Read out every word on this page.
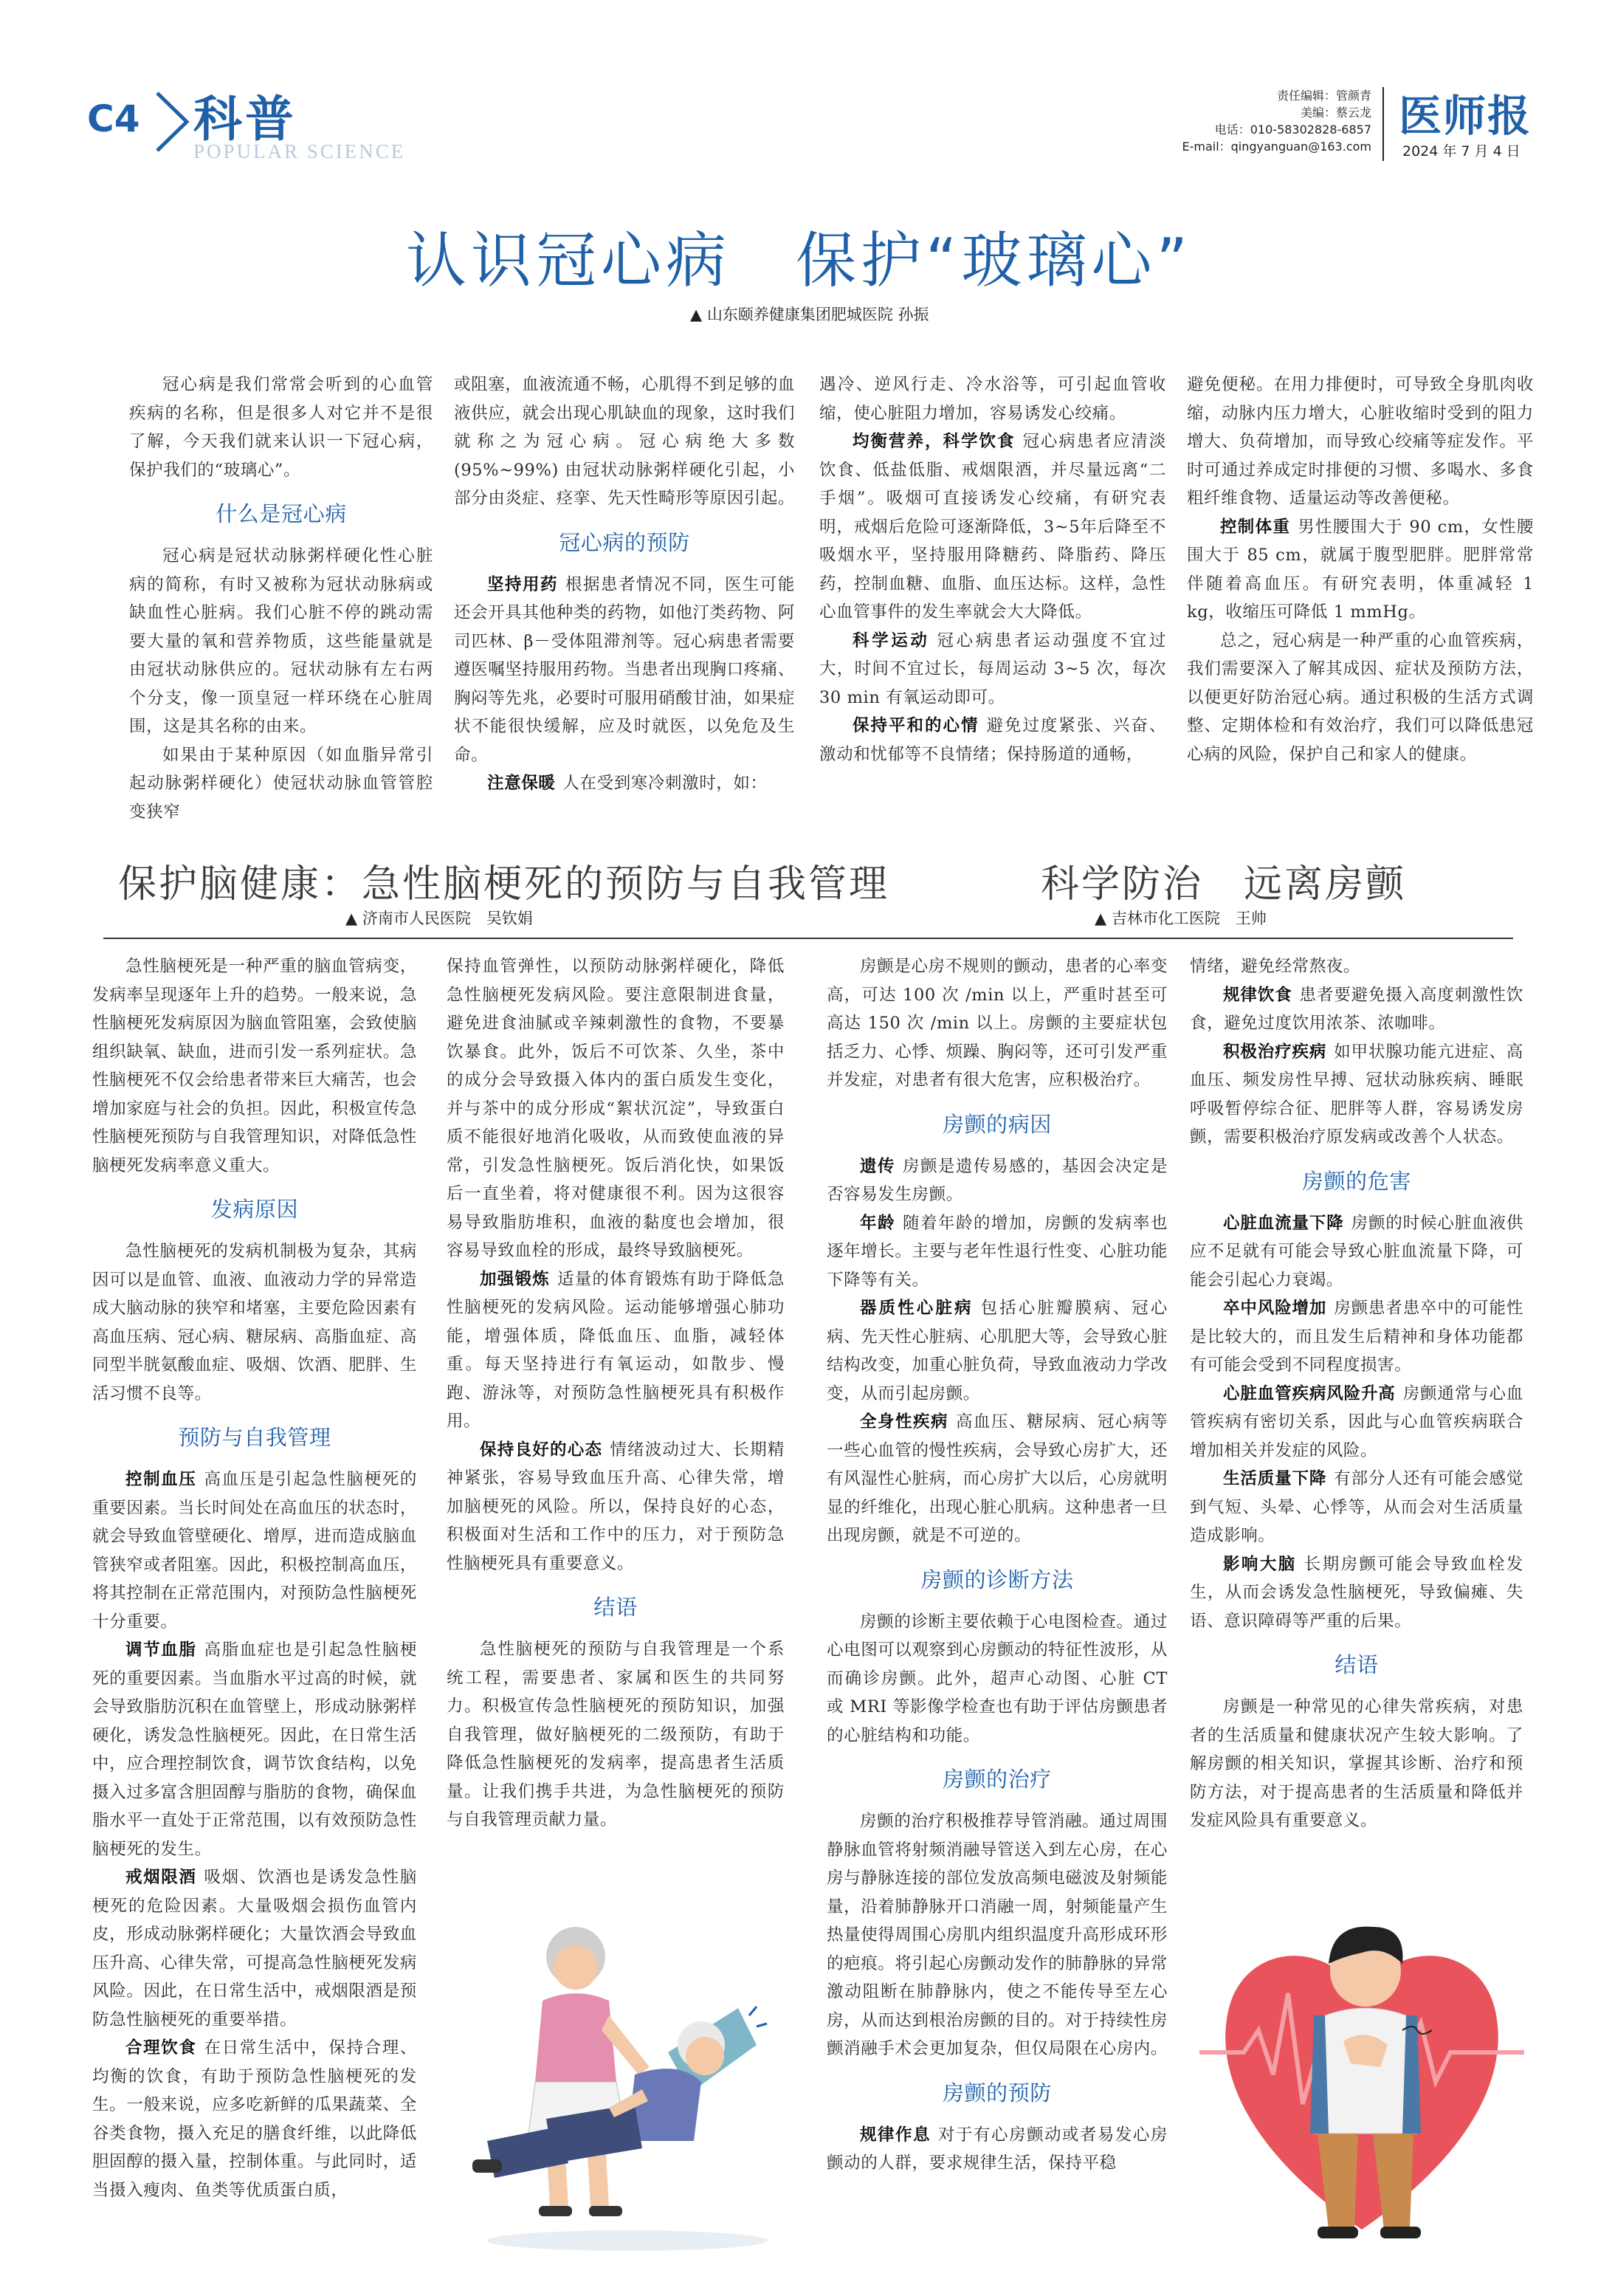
C4 科普
POPULAR SCIENCE
责任编辑：管颜青
美编：蔡云龙
电话：010-58302828-6857
E-mail：qingyanguan@163.com
医师报
2024 年 7 月 4 日
认识冠心病　保护“玻璃心”
▲ 山东颐养健康集团肥城医院 孙振

冠心病是我们常常会听到的心血管疾病的名称，但是很多人对它并不是很了解，今天我们就来认识一下冠心病，保护我们的“玻璃心”。

什么是冠心病

冠心病是冠状动脉粥样硬化性心脏病的简称，有时又被称为冠状动脉病或缺血性心脏病。我们心脏不停的跳动需要大量的氧和营养物质，这些能量就是由冠状动脉供应的。冠状动脉有左右两个分支，像一顶皇冠一样环绕在心脏周围，这是其名称的由来。

如果由于某种原因（如血脂异常引起动脉粥样硬化）使冠状动脉血管管腔变狭窄

或阻塞，血液流通不畅，心肌得不到足够的血液供应，就会出现心肌缺血的现象，这时我们就称之为冠心病。冠心病绝大多数(95%~99%) 由冠状动脉粥样硬化引起，小部分由炎症、痉挛、先天性畸形等原因引起。

冠心病的预防

坚持用药 根据患者情况不同，医生可能还会开具其他种类的药物，如他汀类药物、阿司匹林、β－受体阻滞剂等。冠心病患者需要遵医嘱坚持服用药物。当患者出现胸口疼痛、胸闷等先兆，必要时可服用硝酸甘油，如果症状不能很快缓解，应及时就医，以免危及生命。

注意保暖 人在受到寒冷刺激时，如：

遇冷、逆风行走、冷水浴等，可引起血管收缩，使心脏阻力增加，容易诱发心绞痛。

均衡营养，科学饮食 冠心病患者应清淡饮食、低盐低脂、戒烟限酒，并尽量远离“二手烟”。吸烟可直接诱发心绞痛，有研究表明，戒烟后危险可逐渐降低，3~5年后降至不吸烟水平，坚持服用降糖药、降脂药、降压药，控制血糖、血脂、血压达标。这样，急性心血管事件的发生率就会大大降低。

科学运动 冠心病患者运动强度不宜过大，时间不宜过长，每周运动 3~5 次，每次 30 min 有氧运动即可。

保持平和的心情 避免过度紧张、兴奋、激动和忧郁等不良情绪；保持肠道的通畅，

避免便秘。在用力排便时，可导致全身肌肉收缩，动脉内压力增大，心脏收缩时受到的阻力增大、负荷增加，而导致心绞痛等症发作。平时可通过养成定时排便的习惯、多喝水、多食粗纤维食物、适量运动等改善便秘。

控制体重 男性腰围大于 90 cm，女性腰围大于 85 cm，就属于腹型肥胖。肥胖常常伴随着高血压。有研究表明，体重减轻 1 kg，收缩压可降低 1 mmHg。

总之，冠心病是一种严重的心血管疾病，我们需要深入了解其成因、症状及预防方法，以便更好防治冠心病。通过积极的生活方式调整、定期体检和有效治疗，我们可以降低患冠心病的风险，保护自己和家人的健康。

保护脑健康：急性脑梗死的预防与自我管理
▲ 济南市人民医院　吴钦娟

急性脑梗死是一种严重的脑血管病变，发病率呈现逐年上升的趋势。一般来说，急性脑梗死发病原因为脑血管阻塞，会致使脑组织缺氧、缺血，进而引发一系列症状。急性脑梗死不仅会给患者带来巨大痛苦，也会增加家庭与社会的负担。因此，积极宣传急性脑梗死预防与自我管理知识，对降低急性脑梗死发病率意义重大。

发病原因

急性脑梗死的发病机制极为复杂，其病因可以是血管、血液、血液动力学的异常造成大脑动脉的狭窄和堵塞，主要危险因素有高血压病、冠心病、糖尿病、高脂血症、高同型半胱氨酸血症、吸烟、饮酒、肥胖、生活习惯不良等。

预防与自我管理

控制血压 高血压是引起急性脑梗死的重要因素。当长时间处在高血压的状态时，就会导致血管壁硬化、增厚，进而造成脑血管狭窄或者阻塞。因此，积极控制高血压，将其控制在正常范围内，对预防急性脑梗死十分重要。

调节血脂 高脂血症也是引起急性脑梗死的重要因素。当血脂水平过高的时候，就会导致脂肪沉积在血管壁上，形成动脉粥样硬化，诱发急性脑梗死。因此，在日常生活中，应合理控制饮食，调节饮食结构，以免摄入过多富含胆固醇与脂肪的食物，确保血脂水平一直处于正常范围，以有效预防急性脑梗死的发生。

戒烟限酒 吸烟、饮酒也是诱发急性脑梗死的危险因素。大量吸烟会损伤血管内皮，形成动脉粥样硬化；大量饮酒会导致血压升高、心律失常，可提高急性脑梗死发病风险。因此，在日常生活中，戒烟限酒是预防急性脑梗死的重要举措。

合理饮食 在日常生活中，保持合理、均衡的饮食，有助于预防急性脑梗死的发生。一般来说，应多吃新鲜的瓜果蔬菜、全谷类食物，摄入充足的膳食纤维，以此降低胆固醇的摄入量，控制体重。与此同时，适当摄入瘦肉、鱼类等优质蛋白质，

保持血管弹性，以预防动脉粥样硬化，降低急性脑梗死发病风险。要注意限制进食量，避免进食油腻或辛辣刺激性的食物，不要暴饮暴食。此外，饭后不可饮茶、久坐，茶中的成分会导致摄入体内的蛋白质发生变化，并与茶中的成分形成“絮状沉淀”，导致蛋白质不能很好地消化吸收，从而致使血液的异常，引发急性脑梗死。饭后消化快，如果饭后一直坐着，将对健康很不利。因为这很容易导致脂肪堆积，血液的黏度也会增加，很容易导致血栓的形成，最终导致脑梗死。

加强锻炼 适量的体育锻炼有助于降低急性脑梗死的发病风险。运动能够增强心肺功能，增强体质，降低血压、血脂，减轻体重。每天坚持进行有氧运动，如散步、慢跑、游泳等，对预防急性脑梗死具有积极作用。

保持良好的心态 情绪波动过大、长期精神紧张，容易导致血压升高、心律失常，增加脑梗死的风险。所以，保持良好的心态，积极面对生活和工作中的压力，对于预防急性脑梗死具有重要意义。

结语

急性脑梗死的预防与自我管理是一个系统工程，需要患者、家属和医生的共同努力。积极宣传急性脑梗死的预防知识，加强自我管理，做好脑梗死的二级预防，有助于降低急性脑梗死的发病率，提高患者生活质量。让我们携手共进，为急性脑梗死的预防与自我管理贡献力量。

科学防治　远离房颤
▲ 吉林市化工医院　王帅

房颤是心房不规则的颤动，患者的心率变高，可达 100 次 /min 以上，严重时甚至可高达 150 次 /min 以上。房颤的主要症状包括乏力、心悸、烦躁、胸闷等，还可引发严重并发症，对患者有很大危害，应积极治疗。

房颤的病因

遗传 房颤是遗传易感的，基因会决定是否容易发生房颤。

年龄 随着年龄的增加，房颤的发病率也逐年增长。主要与老年性退行性变、心脏功能下降等有关。

器质性心脏病 包括心脏瓣膜病、冠心病、先天性心脏病、心肌肥大等，会导致心脏结构改变，加重心脏负荷，导致血液动力学改变，从而引起房颤。

全身性疾病 高血压、糖尿病、冠心病等一些心血管的慢性疾病，会导致心房扩大，还有风湿性心脏病，而心房扩大以后，心房就明显的纤维化，出现心脏心肌病。这种患者一旦出现房颤，就是不可逆的。

房颤的诊断方法

房颤的诊断主要依赖于心电图检查。通过心电图可以观察到心房颤动的特征性波形，从而确诊房颤。此外，超声心动图、心脏 CT 或 MRI 等影像学检查也有助于评估房颤患者的心脏结构和功能。

房颤的治疗

房颤的治疗积极推荐导管消融。通过周围静脉血管将射频消融导管送入到左心房，在心房与静脉连接的部位发放高频电磁波及射频能量，沿着肺静脉开口消融一周，射频能量产生热量使得周围心房肌内组织温度升高形成环形的疤痕。将引起心房颤动发作的肺静脉的异常激动阻断在肺静脉内，使之不能传导至左心房，从而达到根治房颤的目的。对于持续性房颤消融手术会更加复杂，但仅局限在心房内。

房颤的预防

规律作息 对于有心房颤动或者易发心房颤动的人群，要求规律生活，保持平稳

情绪，避免经常熬夜。

规律饮食 患者要避免摄入高度刺激性饮食，避免过度饮用浓茶、浓咖啡。

积极治疗疾病 如甲状腺功能亢进症、高血压、频发房性早搏、冠状动脉疾病、睡眠呼吸暂停综合征、肥胖等人群，容易诱发房颤，需要积极治疗原发病或改善个人状态。

房颤的危害

心脏血流量下降 房颤的时候心脏血液供应不足就有可能会导致心脏血流量下降，可能会引起心力衰竭。

卒中风险增加 房颤患者患卒中的可能性是比较大的，而且发生后精神和身体功能都有可能会受到不同程度损害。

心脏血管疾病风险升高 房颤通常与心血管疾病有密切关系，因此与心血管疾病联合增加相关并发症的风险。

生活质量下降 有部分人还有可能会感觉到气短、头晕、心悸等，从而会对生活质量造成影响。

影响大脑 长期房颤可能会导致血栓发生，从而会诱发急性脑梗死，导致偏瘫、失语、意识障碍等严重的后果。

结语

房颤是一种常见的心律失常疾病，对患者的生活质量和健康状况产生较大影响。了解房颤的相关知识，掌握其诊断、治疗和预防方法，对于提高患者的生活质量和降低并发症风险具有重要意义。
